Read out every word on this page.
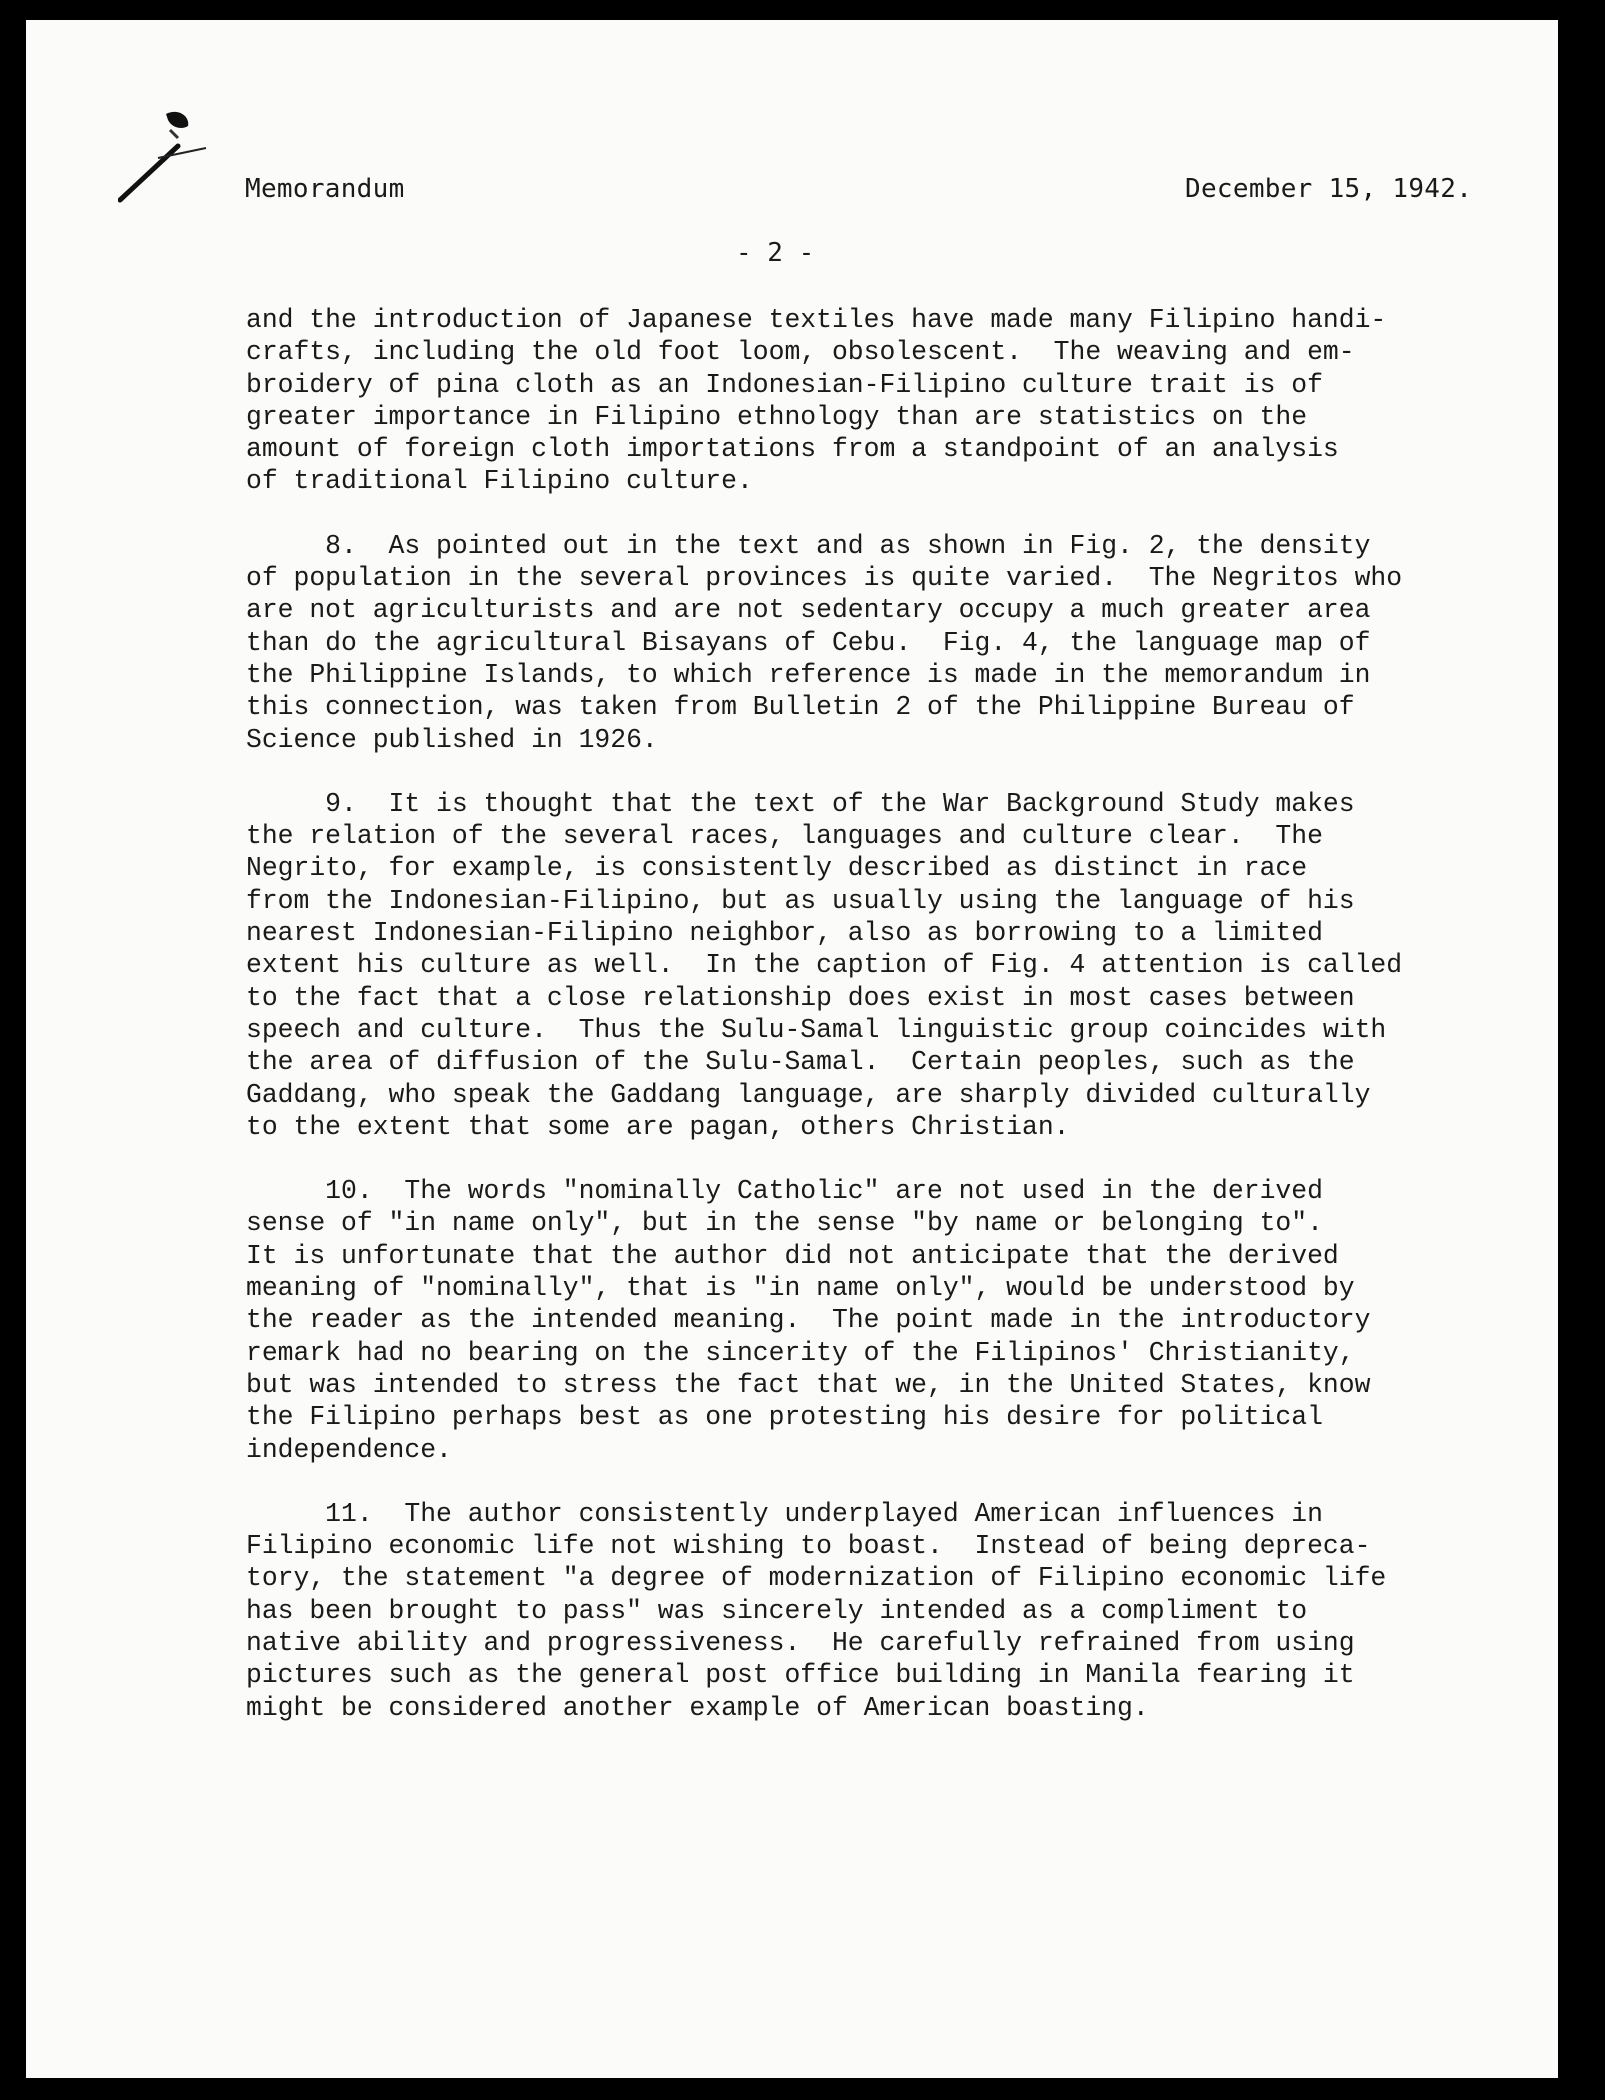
Memorandum	December 15, 1942.
- 2 -
and the introduction of Japanese textiles have made many Filipino handi-
crafts, including the old foot loom, obsolescent.  The weaving and em-
broidery of pina cloth as an Indonesian-Filipino culture trait is of
greater importance in Filipino ethnology than are statistics on the
amount of foreign cloth importations from a standpoint of an analysis
of traditional Filipino culture.
8.  As pointed out in the text and as shown in Fig. 2, the density
of population in the several provinces is quite varied.  The Negritos who
are not agriculturists and are not sedentary occupy a much greater area
than do the agricultural Bisayans of Cebu.  Fig. 4, the language map of
the Philippine Islands, to which reference is made in the memorandum in
this connection, was taken from Bulletin 2 of the Philippine Bureau of
Science published in 1926.
9.  It is thought that the text of the War Background Study makes
the relation of the several races, languages and culture clear.  The
Negrito, for example, is consistently described as distinct in race
from the Indonesian-Filipino, but as usually using the language of his
nearest Indonesian-Filipino neighbor, also as borrowing to a limited
extent his culture as well.  In the caption of Fig. 4 attention is called
to the fact that a close relationship does exist in most cases between
speech and culture.  Thus the Sulu-Samal linguistic group coincides with
the area of diffusion of the Sulu-Samal.  Certain peoples, such as the
Gaddang, who speak the Gaddang language, are sharply divided culturally
to the extent that some are pagan, others Christian.
10.  The words "nominally Catholic" are not used in the derived
sense of "in name only", but in the sense "by name or belonging to".
It is unfortunate that the author did not anticipate that the derived
meaning of "nominally", that is "in name only", would be understood by
the reader as the intended meaning.  The point made in the introductory
remark had no bearing on the sincerity of the Filipinos' Christianity,
but was intended to stress the fact that we, in the United States, know
the Filipino perhaps best as one protesting his desire for political
independence.
11.  The author consistently underplayed American influences in
Filipino economic life not wishing to boast.  Instead of being depreca-
tory, the statement "a degree of modernization of Filipino economic life
has been brought to pass" was sincerely intended as a compliment to
native ability and progressiveness.  He carefully refrained from using
pictures such as the general post office building in Manila fearing it
might be considered another example of American boasting.
